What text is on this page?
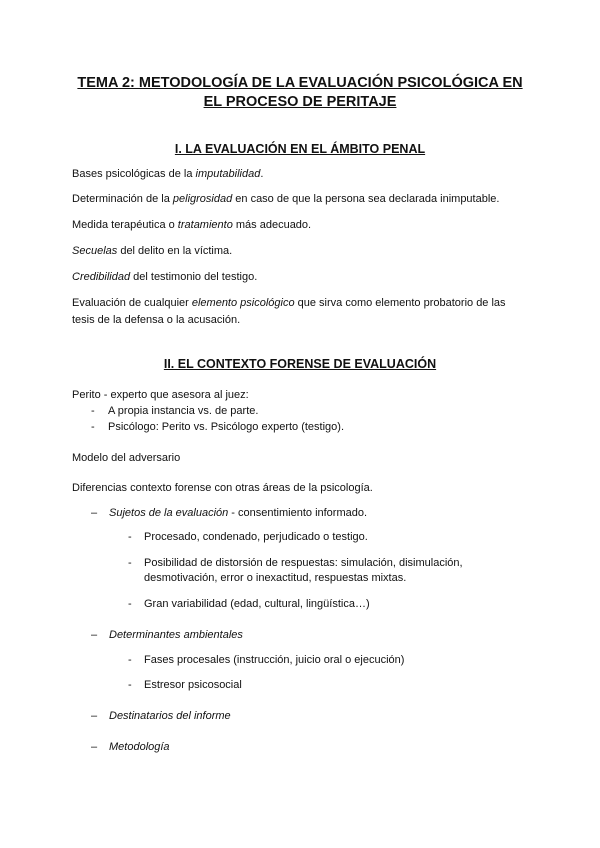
TEMA 2: METODOLOGÍA DE LA EVALUACIÓN PSICOLÓGICA EN
EL PROCESO DE PERITAJE
I. LA EVALUACIÓN EN EL ÁMBITO PENAL
Bases psicológicas de la imputabilidad.
Determinación de la peligrosidad en caso de que la persona sea declarada inimputable.
Medida terapéutica o tratamiento más adecuado.
Secuelas del delito en la víctima.
Credibilidad del testimonio del testigo.
Evaluación de cualquier elemento psicológico que sirva como elemento probatorio de las
tesis de la defensa o la acusación.
II. EL CONTEXTO FORENSE DE EVALUACIÓN
Perito - experto que asesora al juez:
- A propia instancia vs. de parte.
- Psicólogo: Perito vs. Psicólogo experto (testigo).
Modelo del adversario
Diferencias contexto forense con otras áreas de la psicología.
– Sujetos de la evaluación - consentimiento informado.
- Procesado, condenado, perjudicado o testigo.
- Posibilidad de distorsión de respuestas: simulación, disimulación,
desmotivación, error o inexactitud, respuestas mixtas.
- Gran variabilidad (edad, cultural, lingüística…)
– Determinantes ambientales
- Fases procesales (instrucción, juicio oral o ejecución)
- Estresor psicosocial
– Destinatarios del informe
– Metodología
